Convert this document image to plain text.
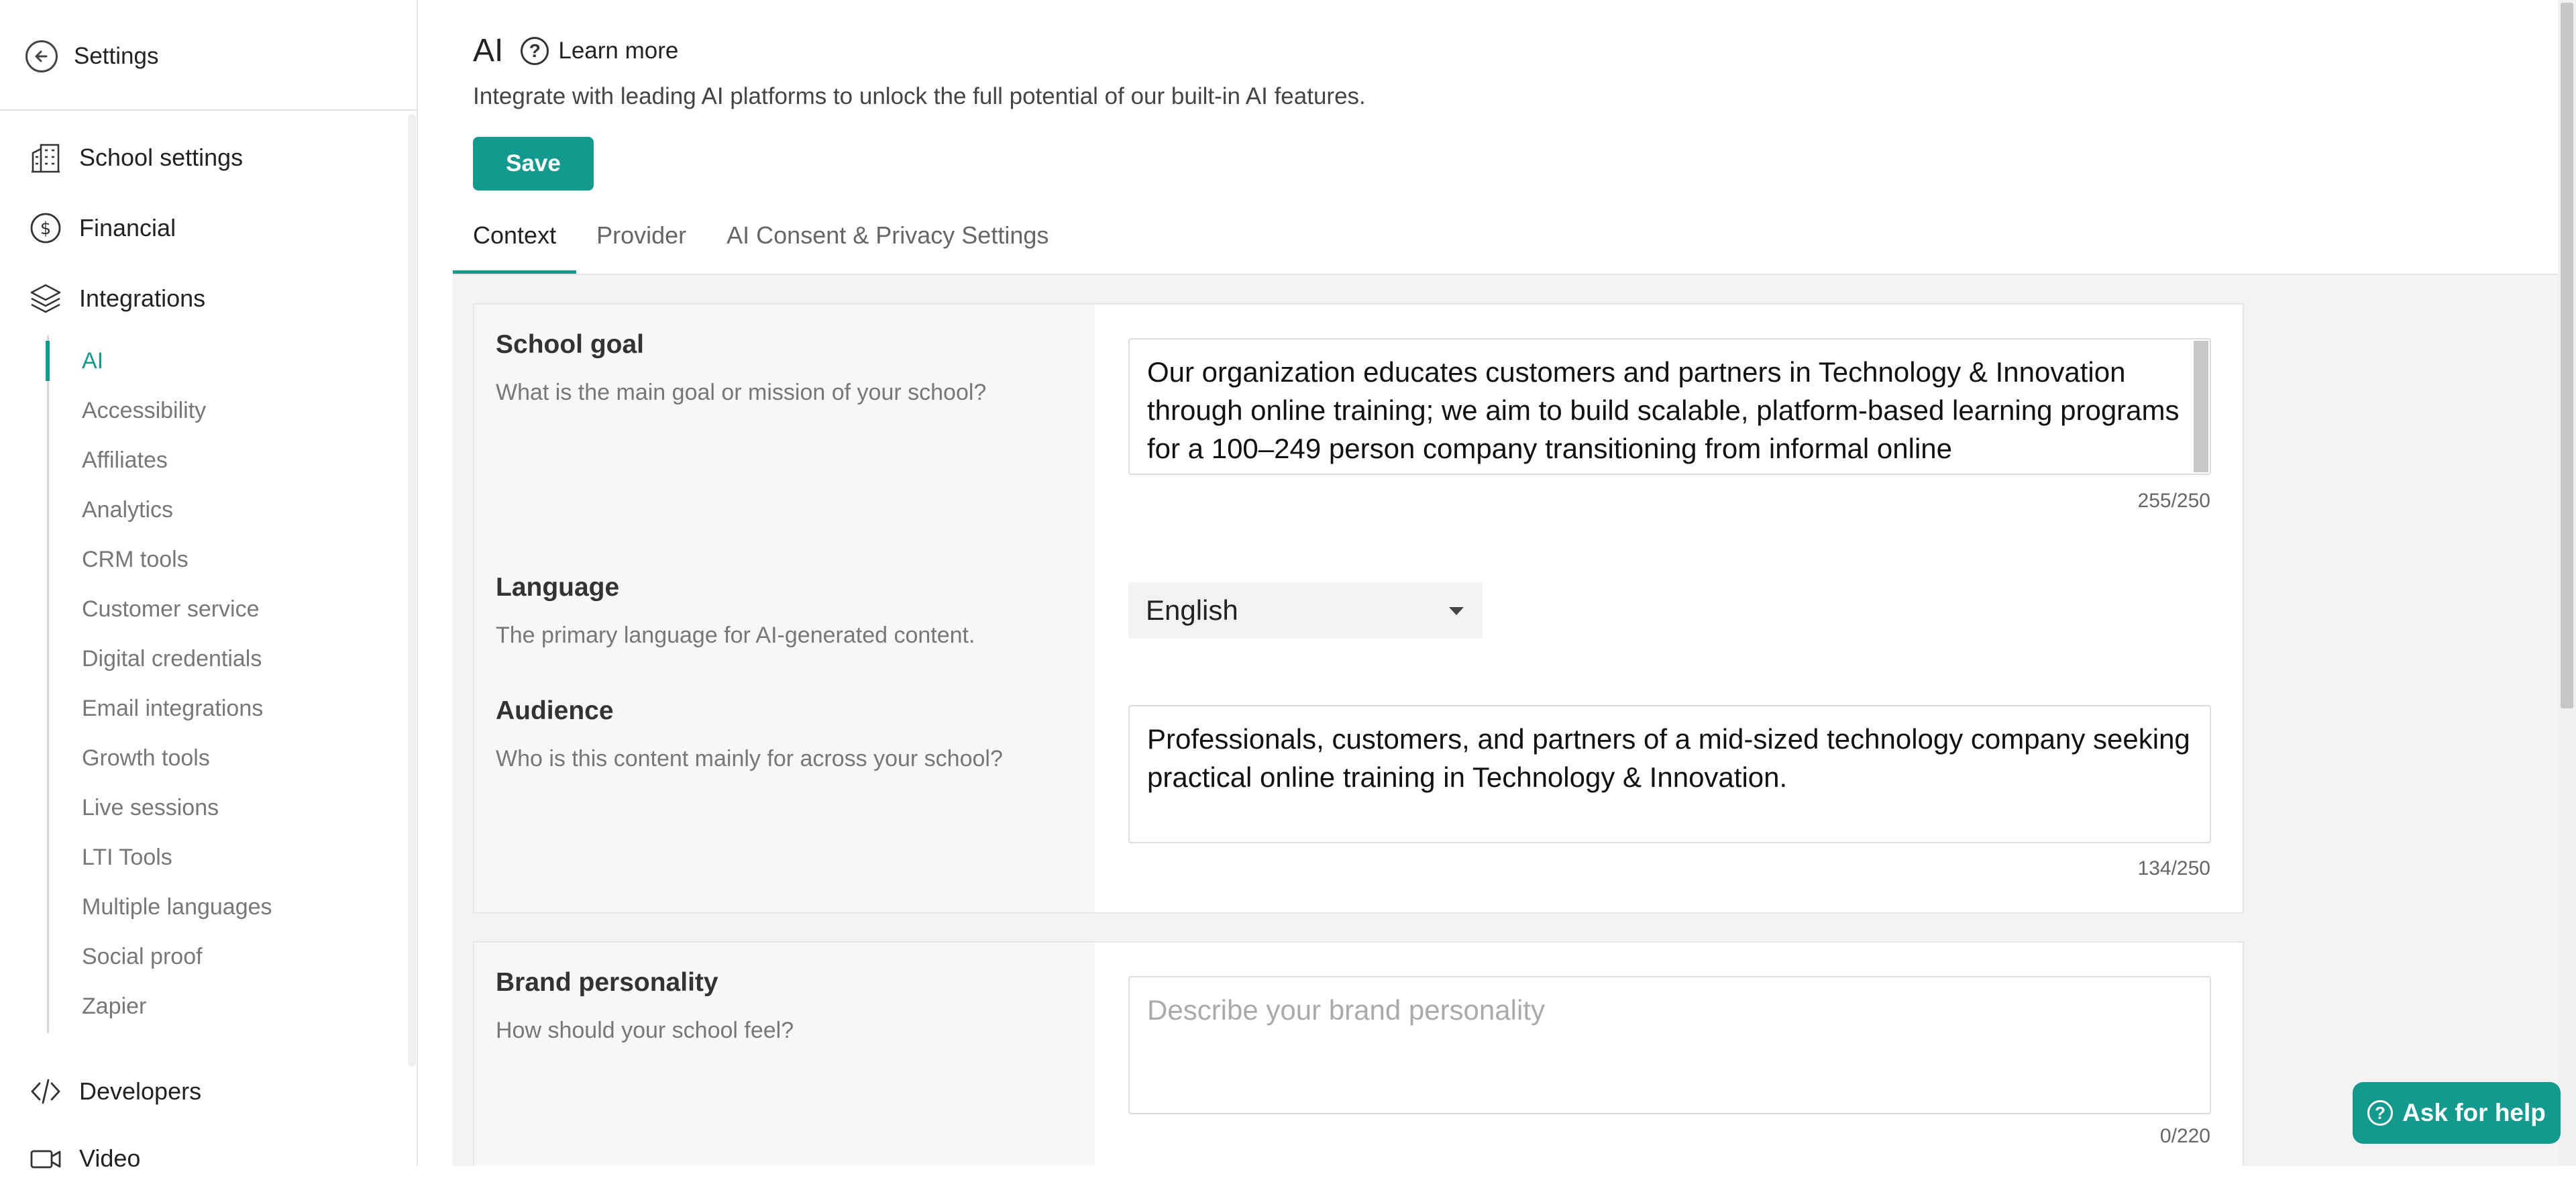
Settings
School settings
$ Financial
Integrations
AI
Accessibility
Affiliates
Analytics
CRM tools
Customer service
Digital credentials
Email integrations
Growth tools
Live sessions
LTI Tools
Multiple languages
Social proof
Zapier
Developers
Video
AI	? Learn more
Integrate with leading AI platforms to unlock the full potential of our built-in AI features.
Save
Context	Provider	AI Consent & Privacy Settings
School goal
What is the main goal or mission of your school?
Our organization educates customers and partners in Technology & Innovation through online training; we aim to build scalable, platform-based learning programs for a 100–249 person company transitioning from informal online
255/250
Language
The primary language for AI-generated content.
English
Audience
Who is this content mainly for across your school?
Professionals, customers, and partners of a mid-sized technology company seeking practical online training in Technology & Innovation.
134/250
Brand personality
How should your school feel?
Describe your brand personality
0/220
? Ask for help
